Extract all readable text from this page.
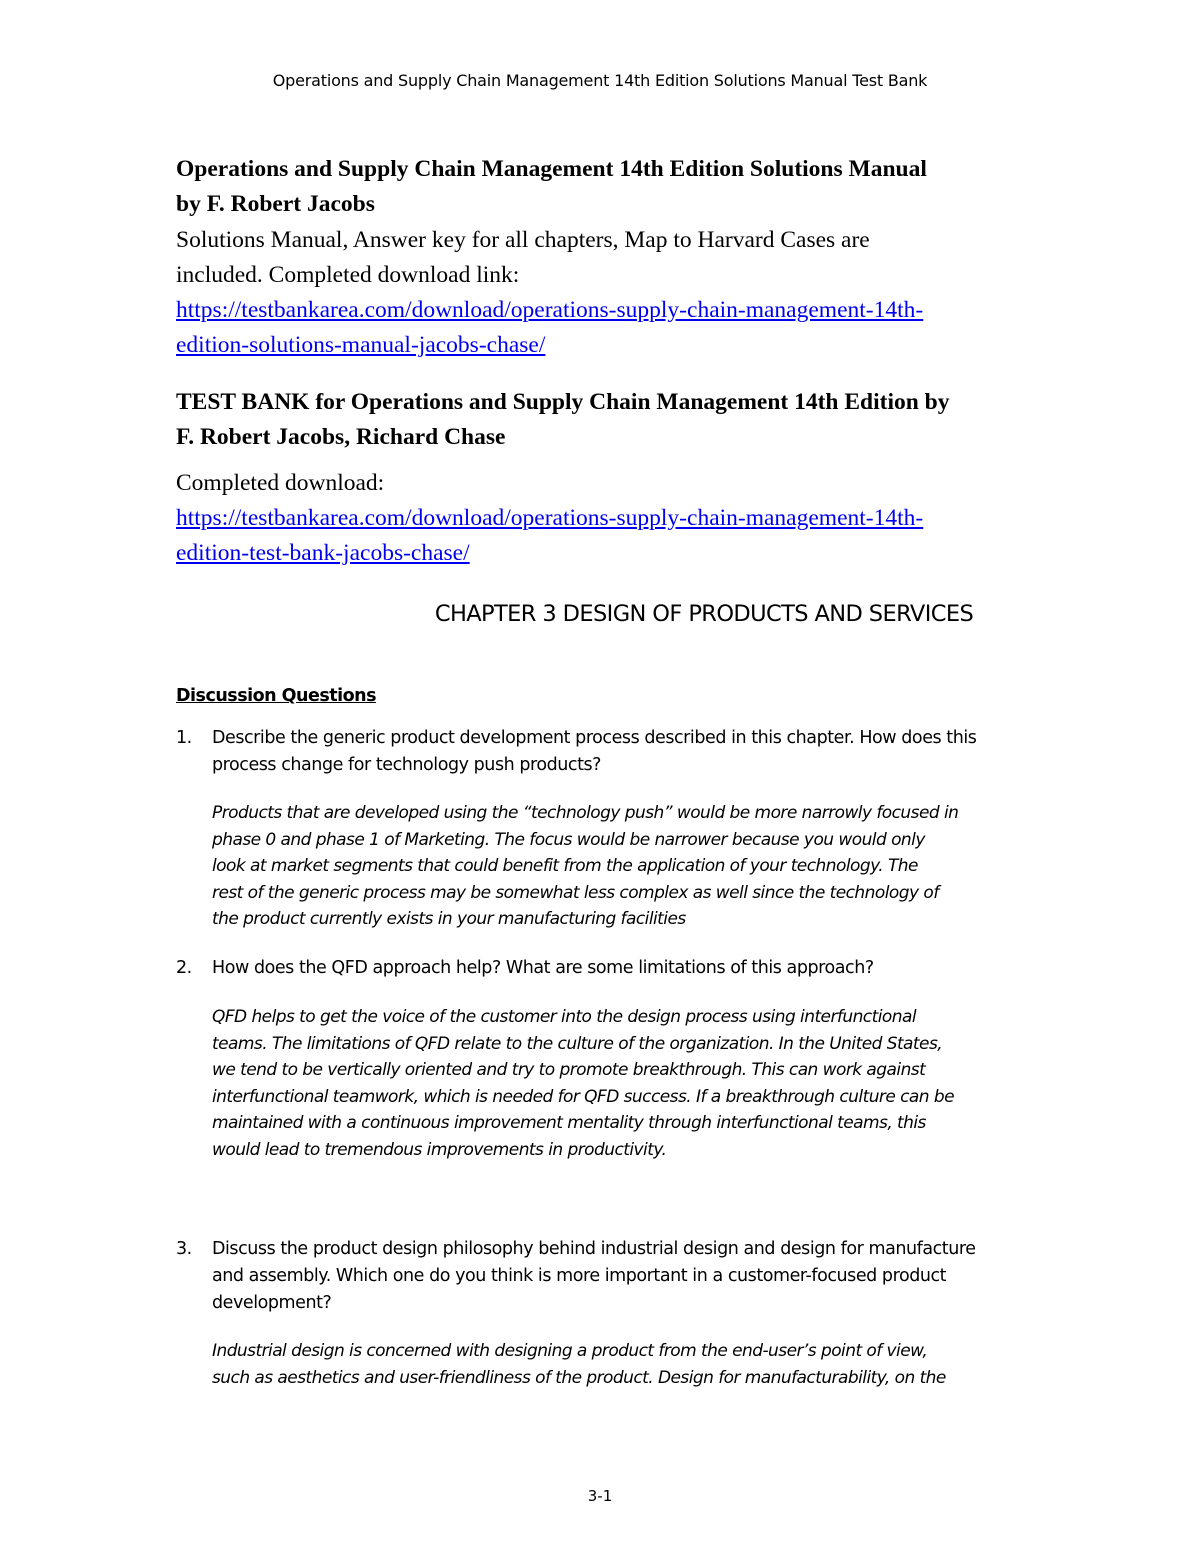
Operations and Supply Chain Management 14th Edition Solutions Manual Test Bank

Operations and Supply Chain Management 14th Edition Solutions Manual

by F. Robert Jacobs

Solutions Manual, Answer key for all chapters, Map to Harvard Cases are

included. Completed download link:

https://testbankarea.com/download/operations-supply-chain-management-14th-
edition-solutions-manual-jacobs-chase/

TEST BANK for Operations and Supply Chain Management 14th Edition by

F. Robert Jacobs, Richard Chase

Completed download:

https://testbankarea.com/download/operations-supply-chain-management-14th-
edition-test-bank-jacobs-chase/

CHAPTER 3 DESIGN OF PRODUCTS AND SERVICES
Discussion Questions
1. Describe the generic product development process described in this chapter. How does this
process change for technology push products?
Products that are developed using the “technology push” would be more narrowly focused in
phase 0 and phase 1 of Marketing. The focus would be narrower because you would only
look at market segments that could benefit from the application of your technology. The
rest of the generic process may be somewhat less complex as well since the technology of
the product currently exists in your manufacturing facilities
2. How does the QFD approach help? What are some limitations of this approach?
QFD helps to get the voice of the customer into the design process using interfunctional
teams. The limitations of QFD relate to the culture of the organization. In the United States,
we tend to be vertically oriented and try to promote breakthrough. This can work against
interfunctional teamwork, which is needed for QFD success. If a breakthrough culture can be
maintained with a continuous improvement mentality through interfunctional teams, this
would lead to tremendous improvements in productivity.
3. Discuss the product design philosophy behind industrial design and design for manufacture
and assembly. Which one do you think is more important in a customer-focused product
development?
Industrial design is concerned with designing a product from the end-user’s point of view,
such as aesthetics and user-friendliness of the product. Design for manufacturability, on the
3-1
